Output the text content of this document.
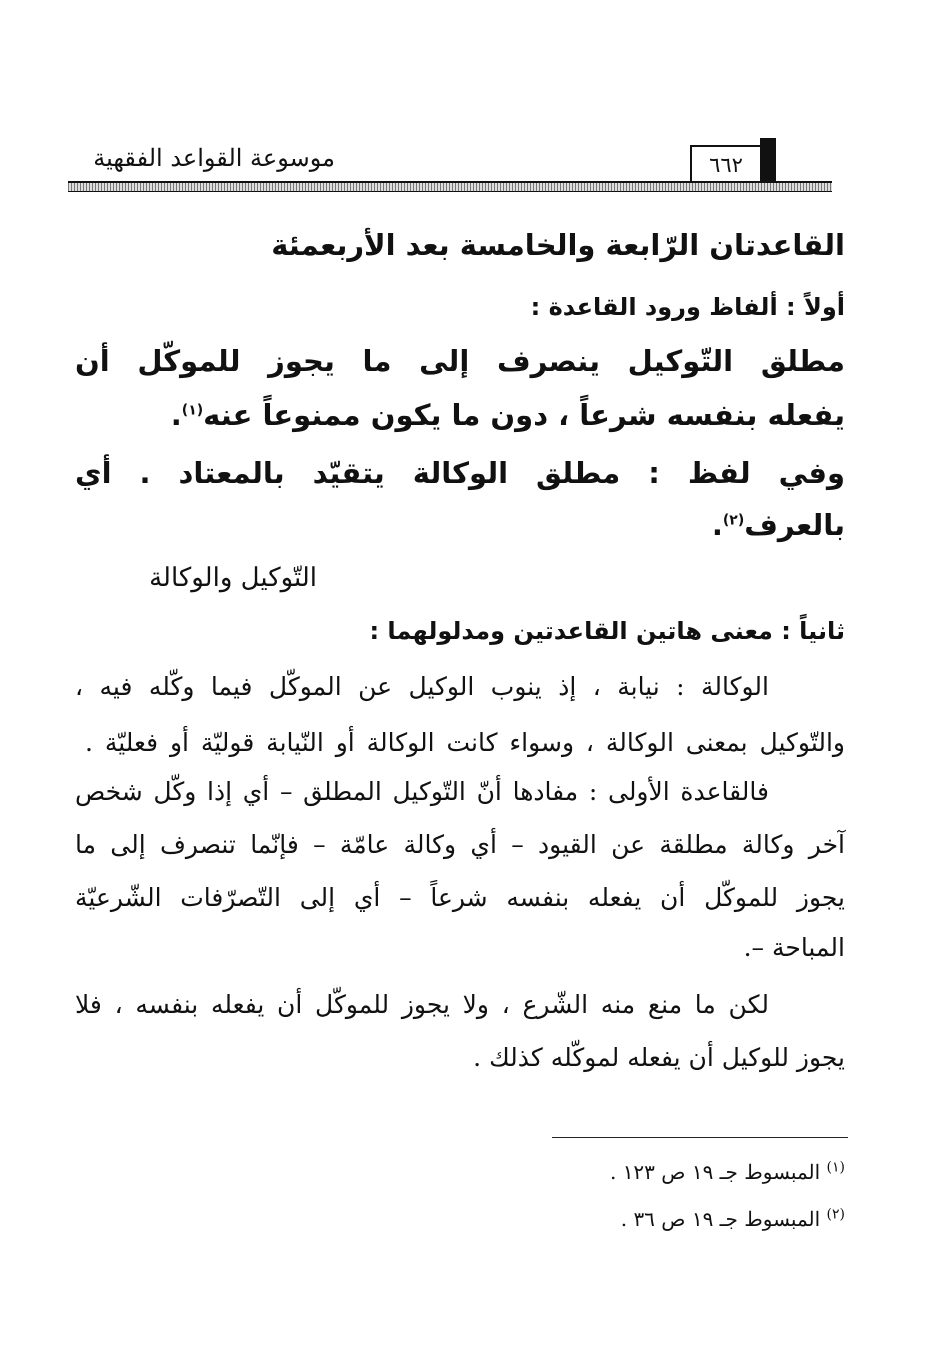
موسوعة القواعد الفقهية	٦٦٢
القاعدتان الرّابعة والخامسة بعد الأربعمئة
أولاً : ألفاظ ورود القاعدة :
مطلق التّوكيل ينصرف إلى ما يجوز للموكّل أن
يفعله بنفسه شرعاً ، دون ما يكون ممنوعاً عنه$^{(١)}$.
وفي لفظ : مطلق الوكالة يتقيّد بالمعتاد . أي
بالعرف$^{(٢)}$.
التّوكيل والوكالة
ثانياً : معنى هاتين القاعدتين ومدلولهما :
الوكالة : نيابة ، إذ ينوب الوكيل عن الموكّل فيما وكّله فيه ،
والتّوكيل بمعنى الوكالة ، وسواء كانت الوكالة أو النّيابة قوليّة أو فعليّة .
فالقاعدة الأولى : مفادها أنّ التّوكيل المطلق – أي إذا وكّل شخص
آخر وكالة مطلقة عن القيود – أي وكالة عامّة – فإنّما تنصرف إلى ما
يجوز للموكّل أن يفعله بنفسه شرعاً – أي إلى التّصرّفات الشّرعيّة
المباحة –.
لكن ما منع منه الشّرع ، ولا يجوز للموكّل أن يفعله بنفسه ، فلا
يجوز للوكيل أن يفعله لموكّله كذلك .
$^{(١)}$ المبسوط جـ ١٩ ص ١٢٣ .
$^{(٢)}$ المبسوط جـ ١٩ ص ٣٦ .
